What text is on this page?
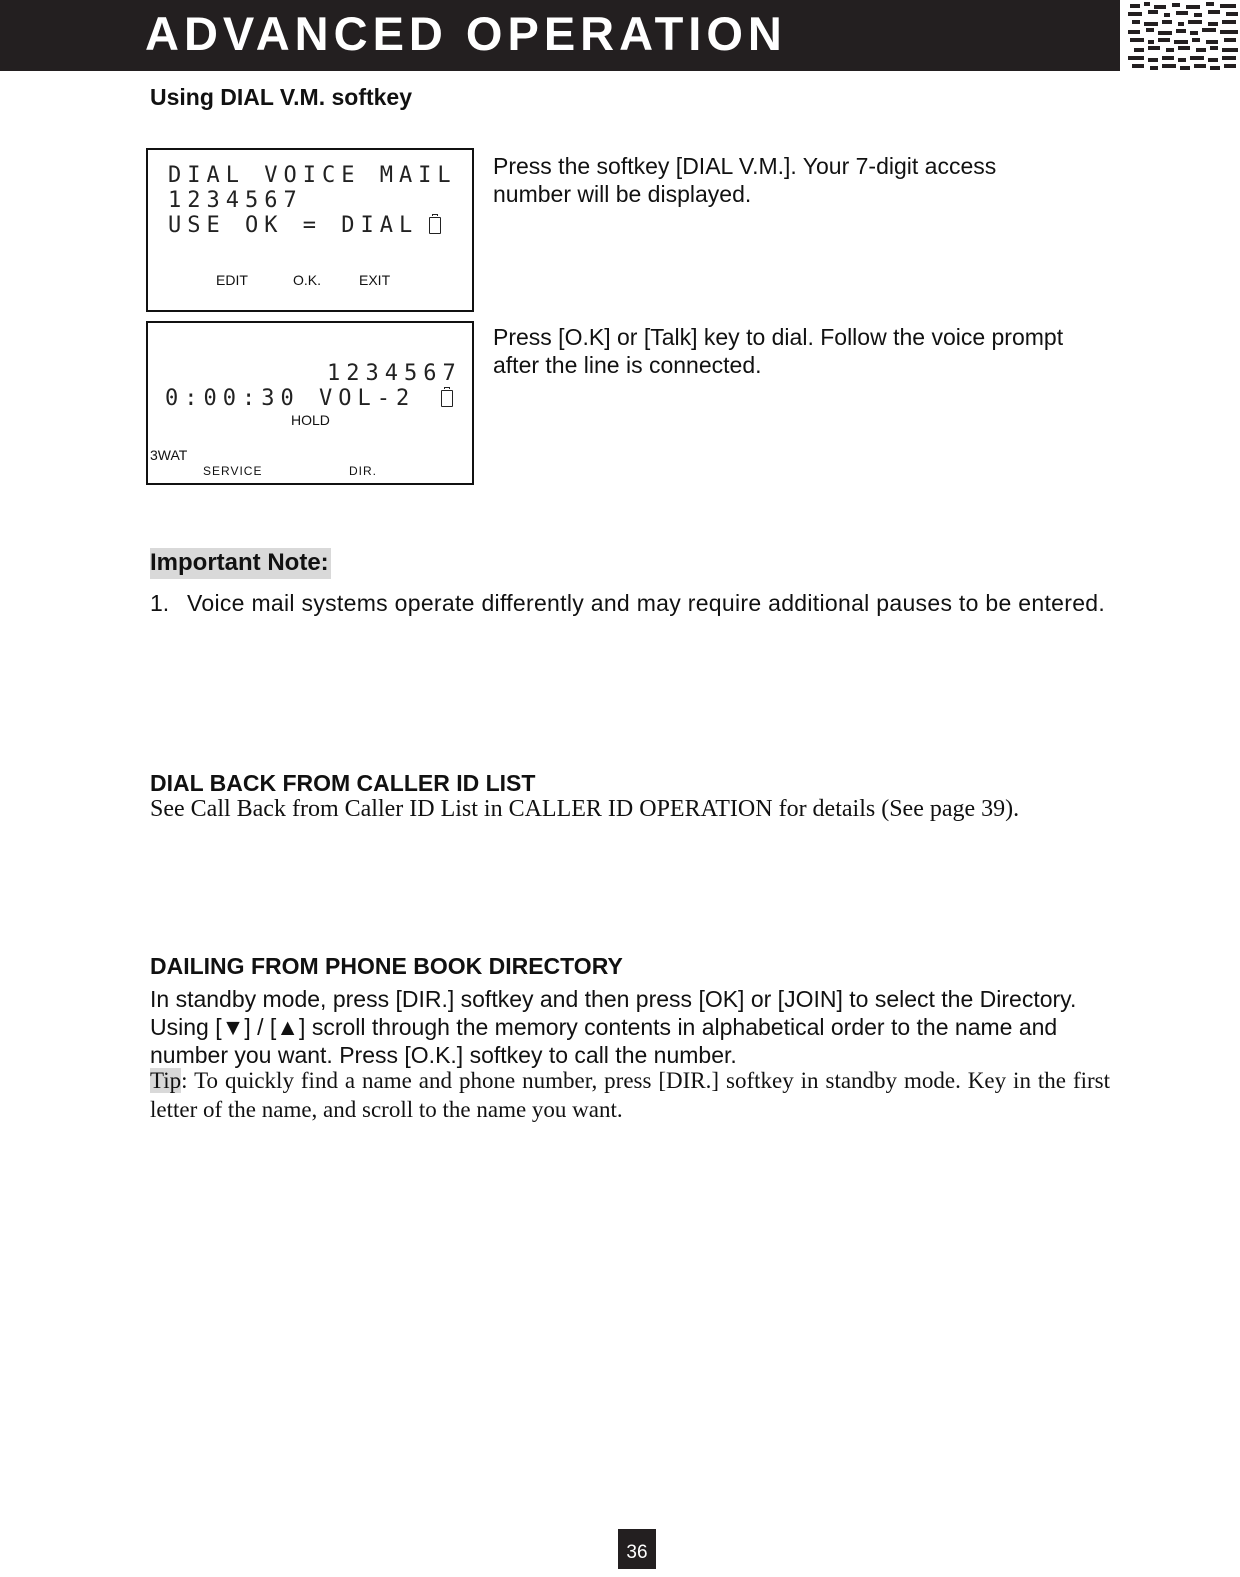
ADVANCED OPERATION
Using DIAL V.M. softkey
DIAL VOICE MAIL
1234567
USE OK = DIAL
EDIT	O.K.	EXIT
Press the softkey [DIAL V.M.]. Your 7-digit access number will be displayed.
1234567
0:00:30 VOL-2
HOLD
3WAT
SERVICE	DIR.
Press [O.K] or [Talk] key to dial. Follow the voice prompt after the line is connected.
Important Note:
1. Voice mail systems operate differently and may require additional pauses to be entered.
DIAL BACK FROM CALLER ID LIST
See Call Back from Caller ID List in CALLER ID OPERATION for details (See page 39).
DAILING FROM PHONE BOOK DIRECTORY
In standby mode, press [DIR.] softkey and then press [OK] or [JOIN] to select the Directory. Using [▼] / [▲] scroll through the memory contents in alphabetical order to the name and number you want. Press [O.K.] softkey to call the number.
Tip: To quickly find a name and phone number, press [DIR.] softkey in standby mode. Key in the first letter of the name, and scroll to the name you want.
36
